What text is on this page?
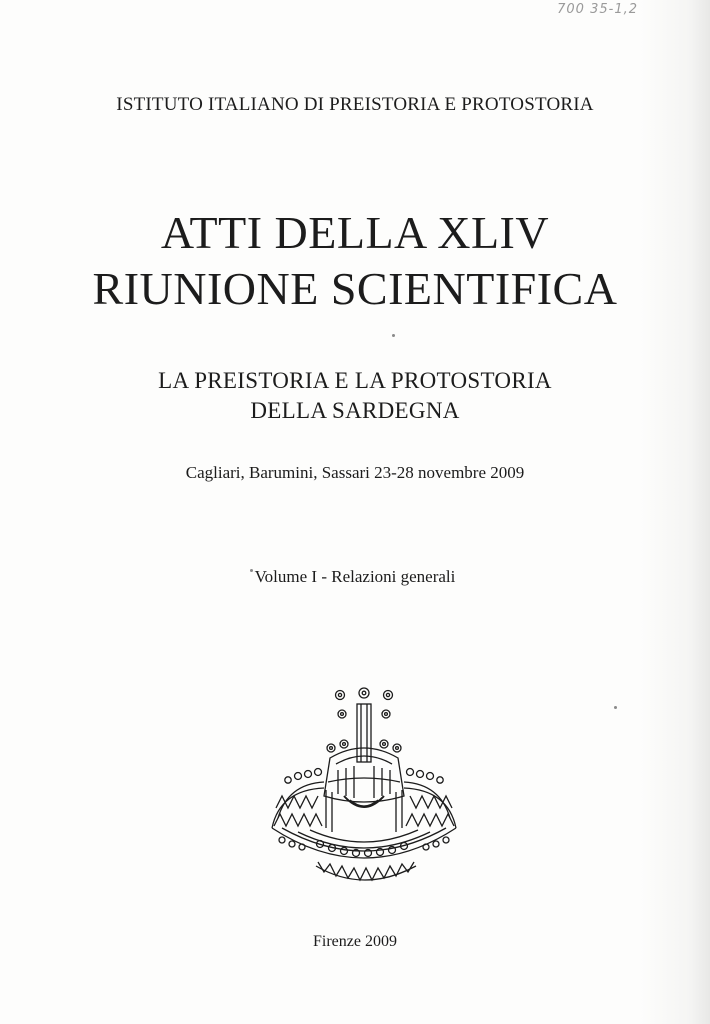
700 35-1,2
ISTITUTO ITALIANO DI PREISTORIA E PROTOSTORIA
ATTI DELLA XLIV
RIUNIONE SCIENTIFICA
LA PREISTORIA E LA PROTOSTORIA
DELLA SARDEGNA
Cagliari, Barumini, Sassari 23-28 novembre 2009
Volume I - Relazioni generali
Firenze 2009
